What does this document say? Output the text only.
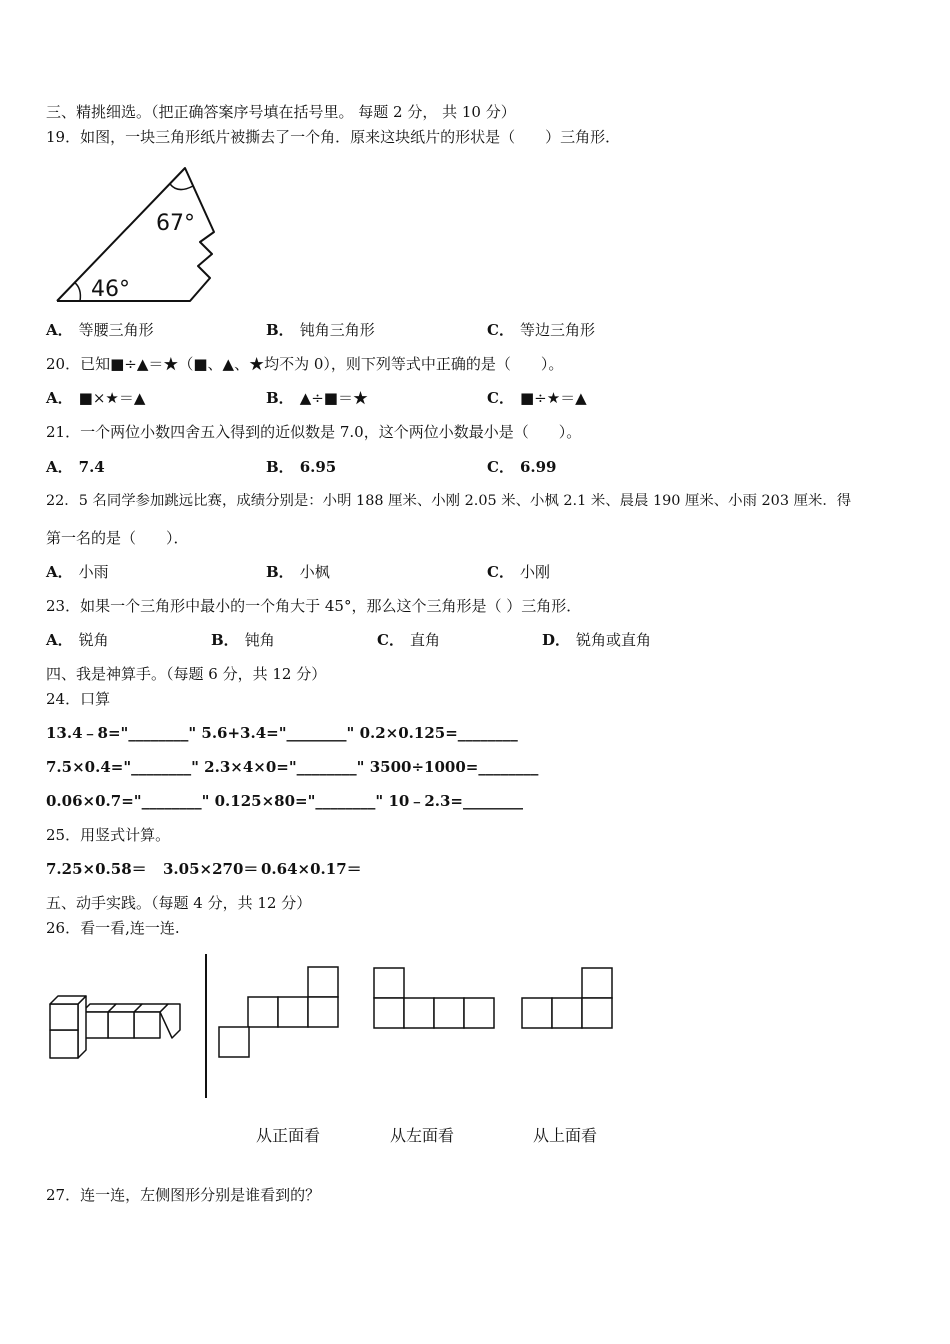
三、精挑细选。（把正确答案序号填在括号里。 每题 2 分， 共 10 分）
19．如图，一块三角形纸片被撕去了一个角．原来这块纸片的形状是（　　）三角形．
67°
46°
A． 等腰三角形	B． 钝角三角形	C． 等边三角形
20．已知■÷▲＝★（■、▲、★均不为 0），则下列等式中正确的是（　　）。
A． ■×★＝▲	B． ▲÷■＝★	C． ■÷★＝▲
21．一个两位小数四舍五入得到的近似数是 7.0，这个两位小数最小是（　　）。
A． 7.4	B． 6.95	C． 6.99
22．5 名同学参加跳远比赛，成绩分别是：小明 188 厘米、小刚 2.05 米、小枫 2.1 米、晨晨 190 厘米、小雨 203 厘米．得
第一名的是（　　）．
A． 小雨	B． 小枫	C． 小刚
23．如果一个三角形中最小的一个角大于 45°，那么这个三角形是（ ）三角形．
A． 锐角	B． 钝角	C． 直角	D． 锐角或直角
四、我是神算手。（每题 6 分，共 12 分）
24．口算
13.4﹣8="________" 5.6+3.4="________" 0.2×0.125=________
7.5×0.4="________" 2.3×4×0="________" 3500÷1000=________
0.06×0.7="________" 0.125×80="________" 10﹣2.3=________
25．用竖式计算。
7.25×0.58＝ 3.05×270＝ 0.64×0.17＝
五、动手实践。（每题 4 分，共 12 分）
26．看一看,连一连.
从正面看	从左面看	从上面看
27．连一连，左侧图形分别是谁看到的？
